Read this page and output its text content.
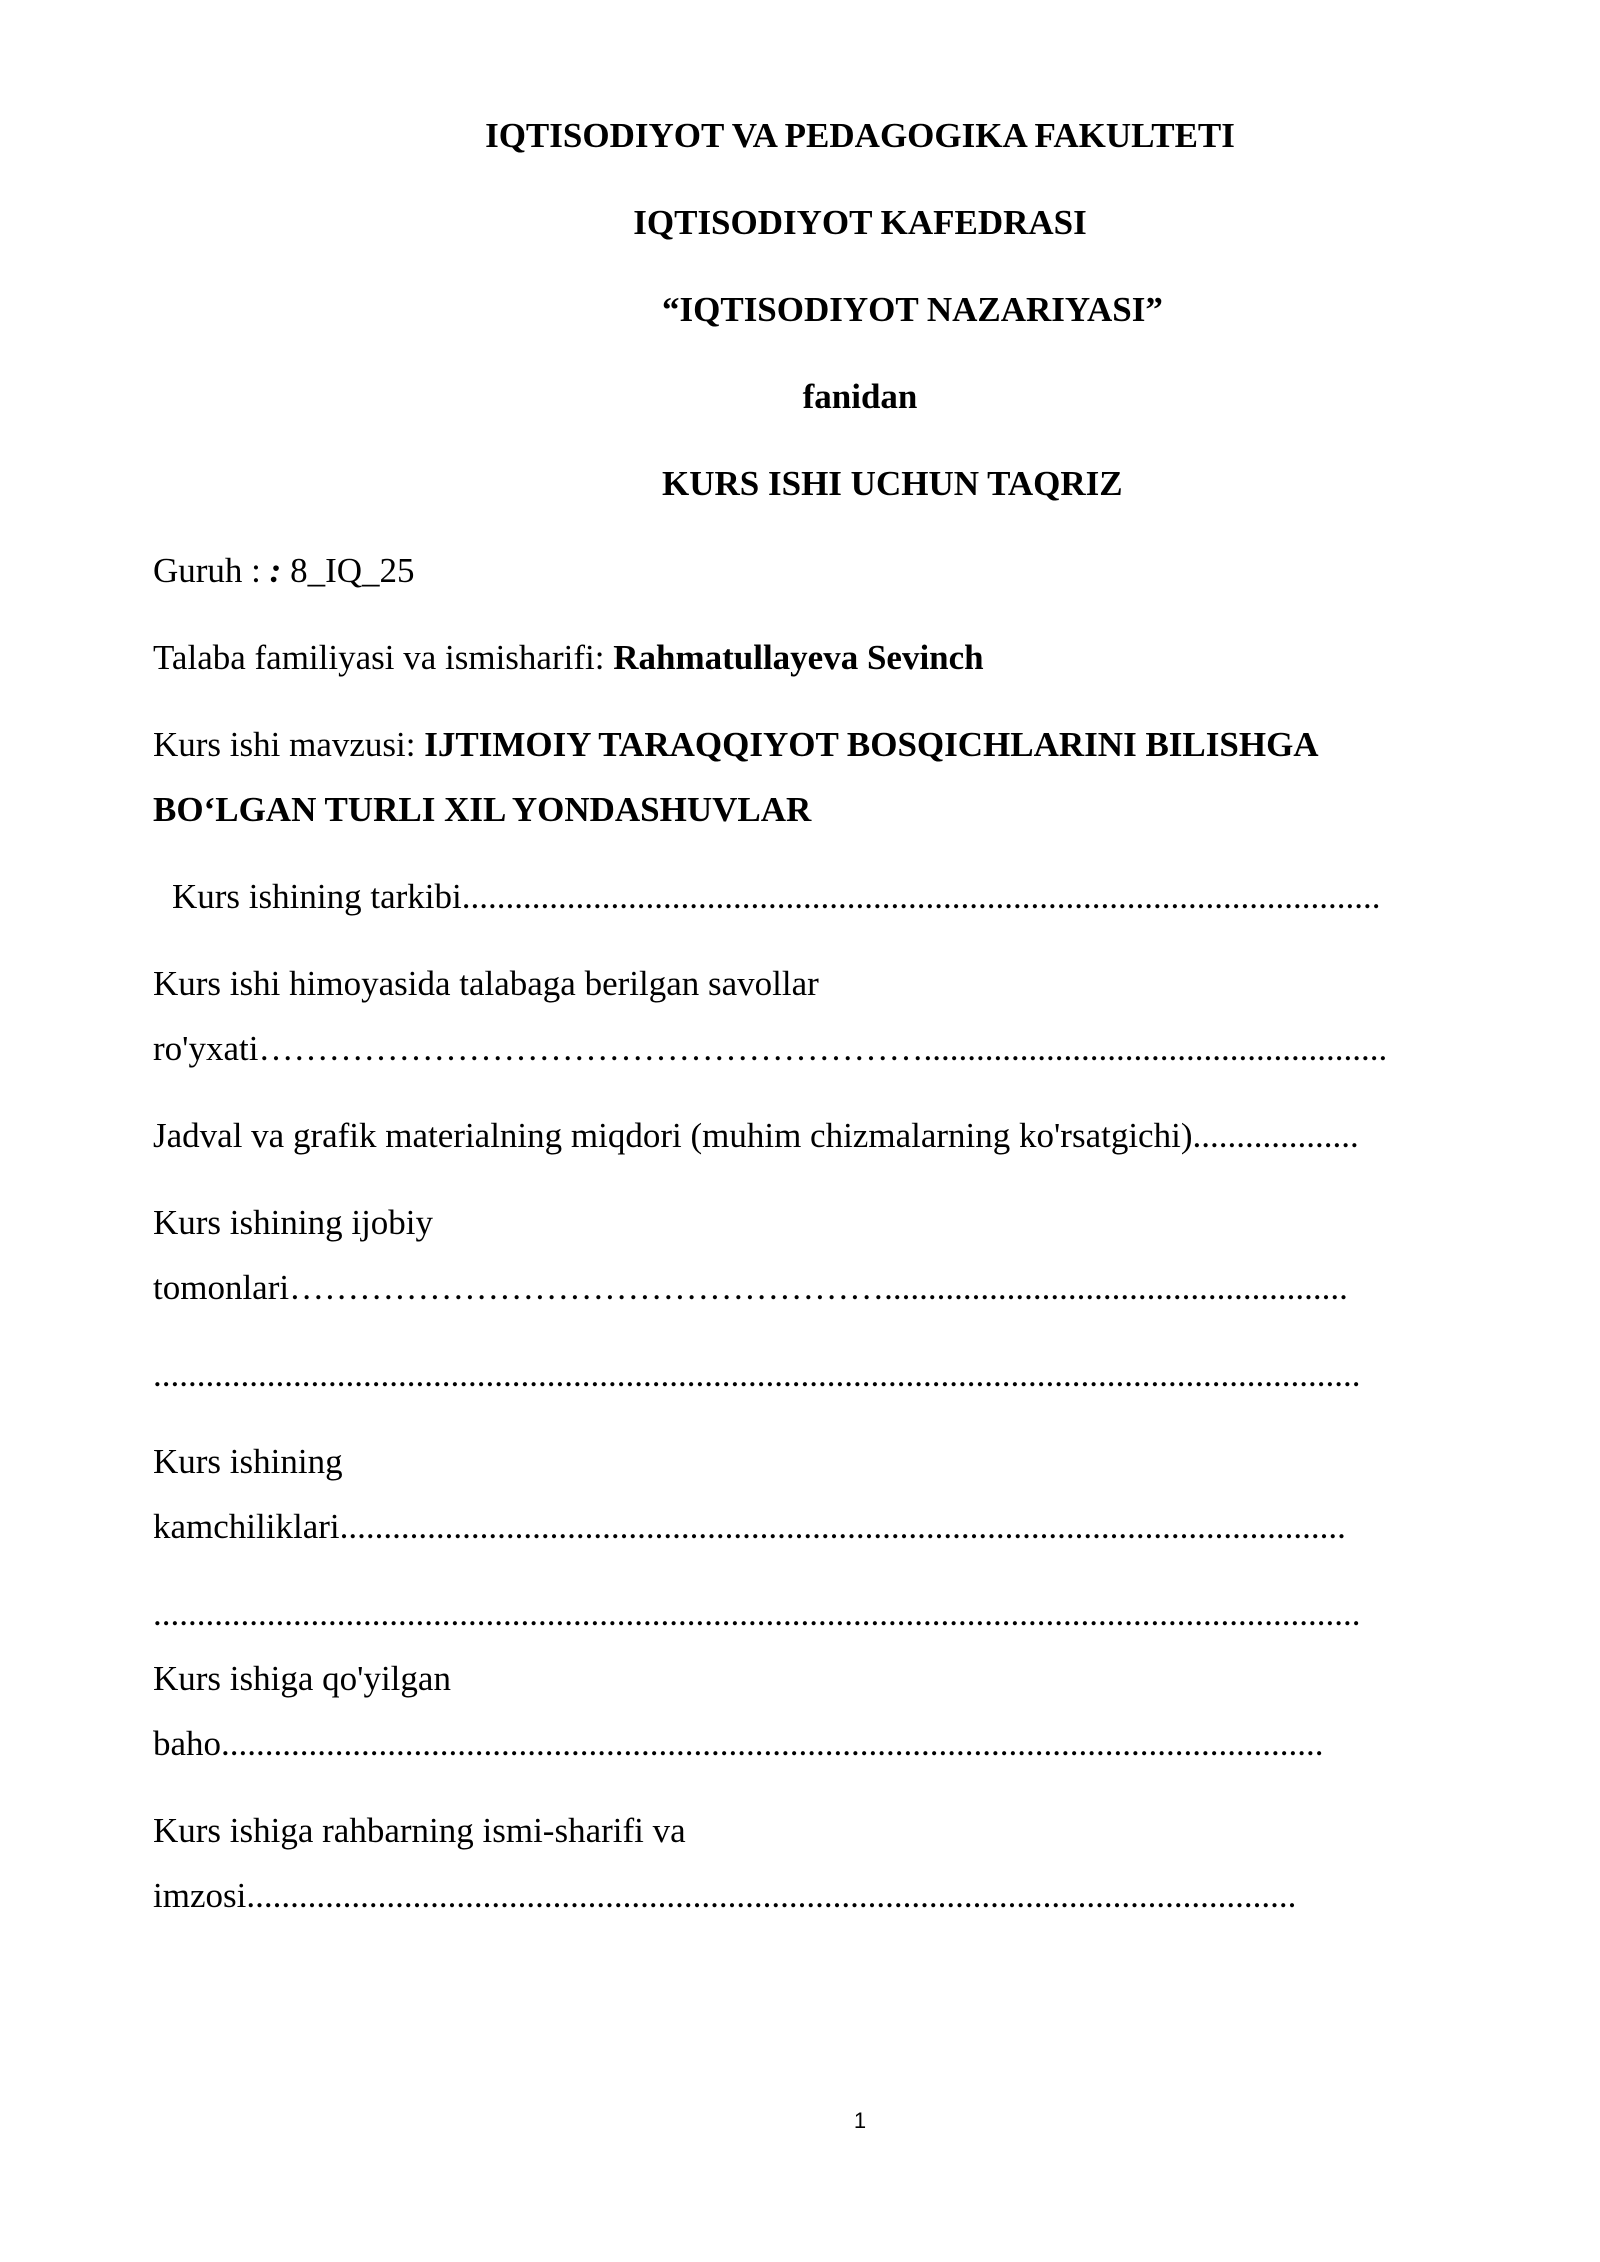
IQTISODIYOT VA PEDAGOGIKA FAKULTETI
IQTISODIYOT KAFEDRASI
“IQTISODIYOT NAZARIYASI”
fanidan
KURS ISHI UCHUN TAQRIZ
Guruh : : 8_IQ_25
Talaba familiyasi va ismisharifi: Rahmatullayeva Sevinch
Kurs ishi mavzusi: IJTIMOIY TARAQQIYOT BOSQICHLARINI BILISHGA
BO‘LGAN TURLI XIL YONDASHUVLAR
Kurs ishining tarkibi.........................................................................................................
Kurs ishi himoyasida talabaga berilgan savollar
ro'yxati………………………………………………….....................................................
Jadval va grafik materialning miqdori (muhim chizmalarning ko'rsatgichi)...................
Kurs ishining ijobiy
tomonlari…………………………………………….....................................................
..........................................................................................................................................
Kurs ishining
kamchiliklari...................................................................................................................
..........................................................................................................................................
Kurs ishiga qo'yilgan
baho..............................................................................................................................
Kurs ishiga rahbarning ismi-sharifi va
imzosi........................................................................................................................
1
